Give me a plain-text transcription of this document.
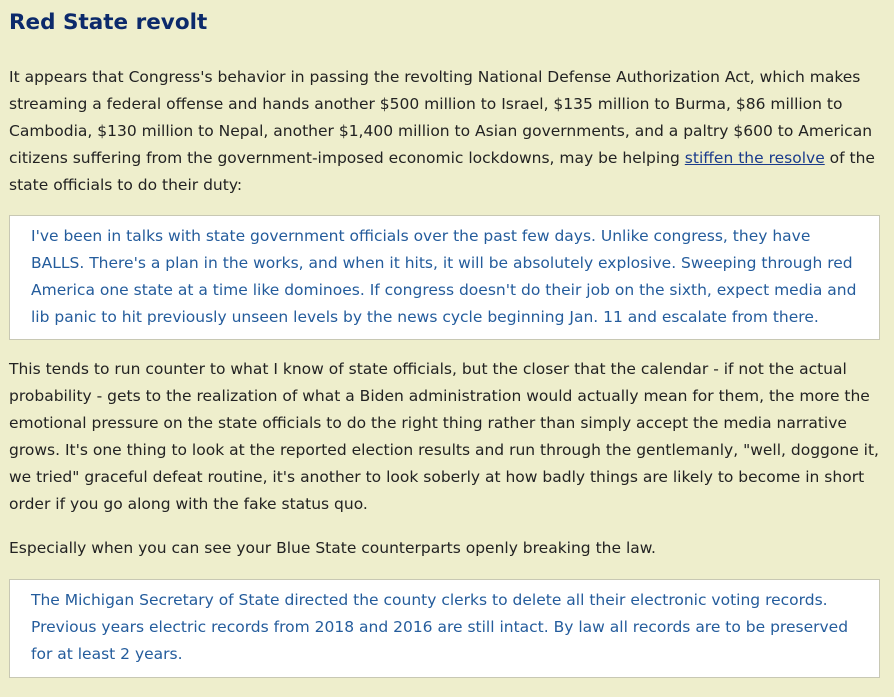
Red State revolt

It appears that Congress's behavior in passing the revolting National Defense Authorization Act, which makes streaming a federal offense and hands another $500 million to Israel, $135 million to Burma, $86 million to Cambodia, $130 million to Nepal, another $1,400 million to Asian governments, and a paltry $600 to American citizens suffering from the government-imposed economic lockdowns, may be helping stiffen the resolve of the state officials to do their duty:

I've been in talks with state government officials over the past few days. Unlike congress, they have BALLS. There's a plan in the works, and when it hits, it will be absolutely explosive. Sweeping through red America one state at a time like dominoes. If congress doesn't do their job on the sixth, expect media and lib panic to hit previously unseen levels by the news cycle beginning Jan. 11 and escalate from there.

This tends to run counter to what I know of state officials, but the closer that the calendar - if not the actual probability - gets to the realization of what a Biden administration would actually mean for them, the more the emotional pressure on the state officials to do the right thing rather than simply accept the media narrative grows. It's one thing to look at the reported election results and run through the gentlemanly, "well, doggone it, we tried" graceful defeat routine, it's another to look soberly at how badly things are likely to become in short order if you go along with the fake status quo.

Especially when you can see your Blue State counterparts openly breaking the law.

The Michigan Secretary of State directed the county clerks to delete all their electronic voting records. Previous years electric records from 2018 and 2016 are still intact. By law all records are to be preserved for at least 2 years.
